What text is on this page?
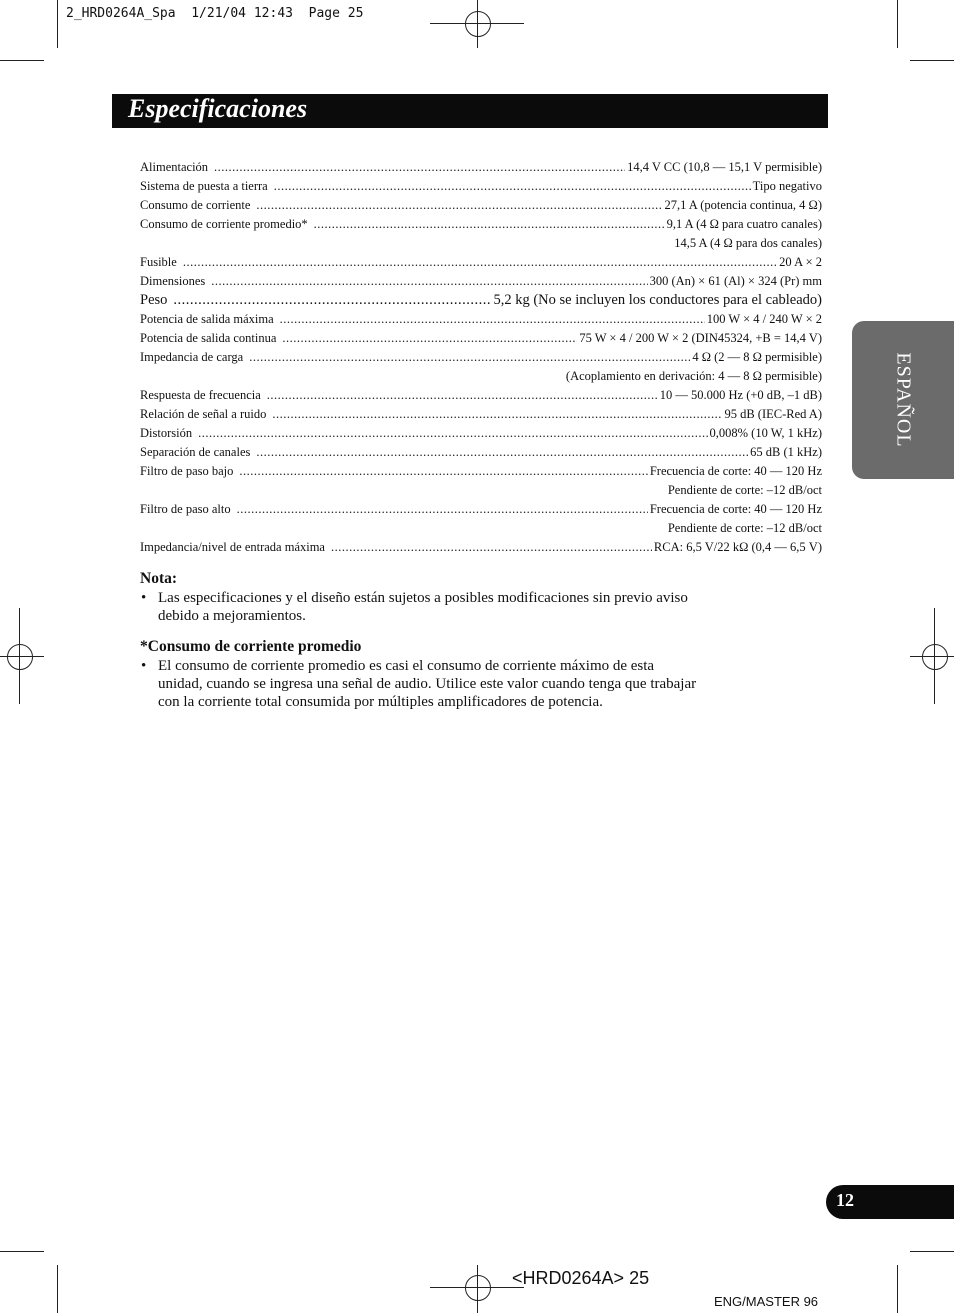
2_HRD0264A_Spa  1/21/04 12:43  Page 25
Especificaciones
Alimentación .....	14,4 V CC (10,8 — 15,1 V permisible)
Sistema de puesta a tierra .....	Tipo negativo
Consumo de corriente .....	27,1 A (potencia continua, 4 Ω)
Consumo de corriente promedio* .....	9,1 A (4 Ω para cuatro canales)
14,5 A (4 Ω para dos canales)
Fusible .....	20 A × 2
Dimensiones .....	300 (An) × 61 (Al) × 324 (Pr) mm
Peso .....	5,2 kg (No se incluyen los conductores para el cableado)
Potencia de salida máxima .....	100 W × 4 / 240 W × 2
Potencia de salida continua .....	75 W × 4 / 200 W × 2 (DIN45324, +B = 14,4 V)
Impedancia de carga .....	4 Ω (2 — 8 Ω permisible)
(Acoplamiento en derivación: 4 — 8 Ω permisible)
Respuesta de frecuencia .....	10 — 50.000 Hz (+0 dB, –1 dB)
Relación de señal a ruido .....	95 dB (IEC-Red A)
Distorsión .....	0,008% (10 W, 1 kHz)
Separación de canales .....	65 dB (1 kHz)
Filtro de paso bajo .....	Frecuencia de corte: 40 — 120 Hz
Pendiente de corte: –12 dB/oct
Filtro de paso alto .....	Frecuencia de corte: 40 — 120 Hz
Pendiente de corte: –12 dB/oct
Impedancia/nivel de entrada máxima .....	RCA: 6,5 V/22 kΩ (0,4 — 6,5 V)
Nota:
• Las especificaciones y el diseño están sujetos a posibles modificaciones sin previo aviso debido a mejoramientos.
*Consumo de corriente promedio
• El consumo de corriente promedio es casi el consumo de corriente máximo de esta unidad, cuando se ingresa una señal de audio. Utilice este valor cuando tenga que trabajar con la corriente total consumida por múltiples amplificadores de potencia.
ESPAÑOL
12
<HRD0264A> 25
ENG/MASTER 96
